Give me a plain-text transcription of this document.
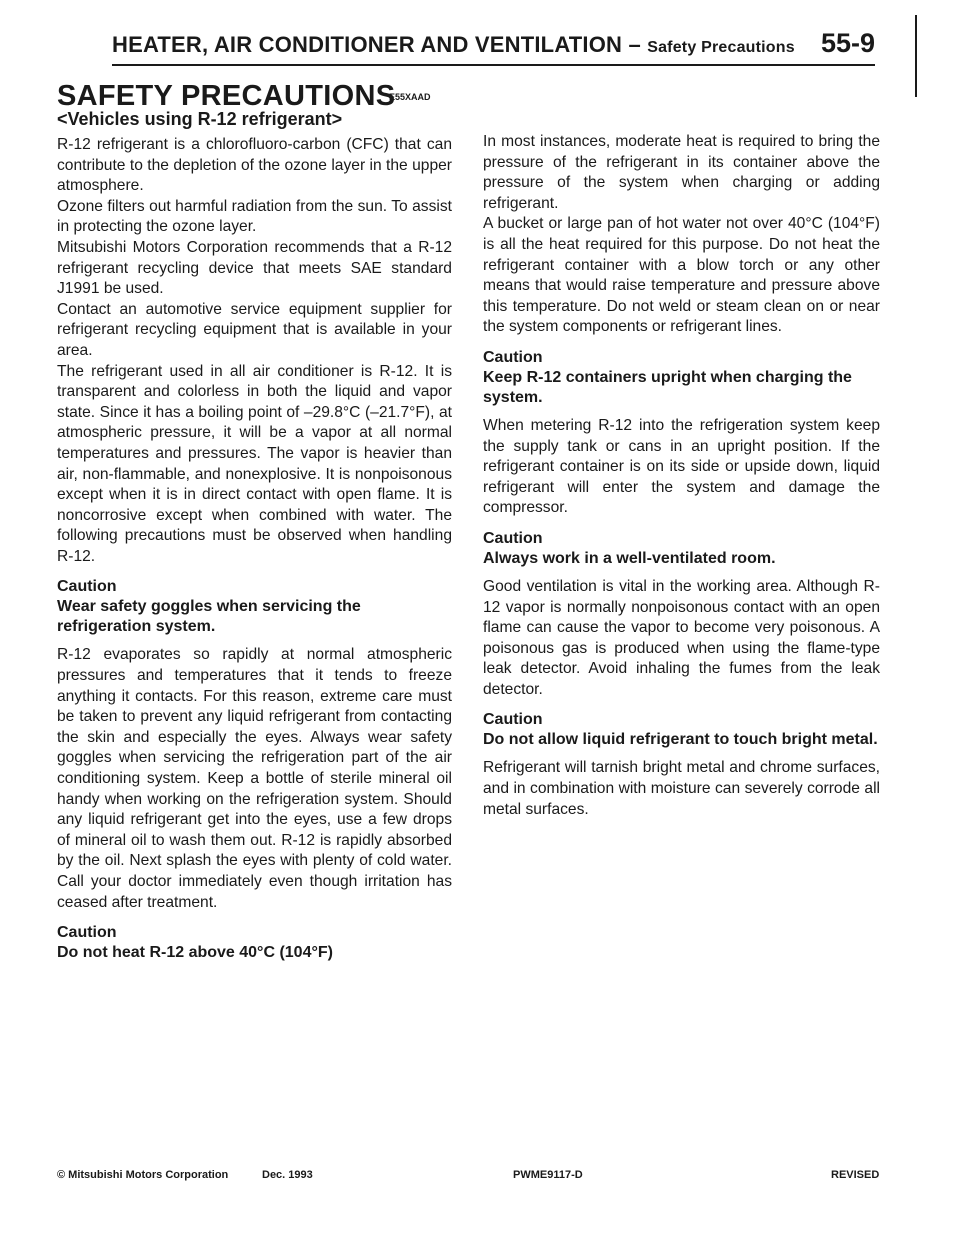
HEATER, AIR CONDITIONER AND VENTILATION – Safety Precautions 55-9
SAFETY PRECAUTIONS
E55XAAD
<Vehicles using R-12 refrigerant>

R-12 refrigerant is a chlorofluoro-carbon (CFC) that can contribute to the depletion of the ozone layer in the upper atmosphere.

Ozone filters out harmful radiation from the sun. To assist in protecting the ozone layer.

Mitsubishi Motors Corporation recommends that a R-12 refrigerant recycling device that meets SAE standard J1991 be used.

Contact an automotive service equipment supplier for refrigerant recycling equipment that is available in your area.

The refrigerant used in all air conditioner is R-12. It is transparent and colorless in both the liquid and vapor state. Since it has a boiling point of –29.8°C (–21.7°F), at atmospheric pressure, it will be a vapor at all normal temperatures and pressures. The vapor is heavier than air, non-flammable, and nonexplosive. It is nonpoisonous except when it is in direct contact with open flame. It is noncorrosive except when combined with water. The following precautions must be observed when handling R-12.

Caution
Wear safety goggles when servicing the refrigeration system.

R-12 evaporates so rapidly at normal atmospheric pressures and temperatures that it tends to freeze anything it contacts. For this reason, extreme care must be taken to prevent any liquid refrigerant from contacting the skin and especially the eyes. Always wear safety goggles when servicing the refrigeration part of the air conditioning system. Keep a bottle of sterile mineral oil handy when working on the refrigeration system. Should any liquid refrigerant get into the eyes, use a few drops of mineral oil to wash them out. R-12 is rapidly absorbed by the oil. Next splash the eyes with plenty of cold water. Call your doctor immediately even though irritation has ceased after treatment.

Caution
Do not heat R-12 above 40°C (104°F)

In most instances, moderate heat is required to bring the pressure of the refrigerant in its container above the pressure of the system when charging or adding refrigerant.

A bucket or large pan of hot water not over 40°C (104°F) is all the heat required for this purpose. Do not heat the refrigerant container with a blow torch or any other means that would raise temperature and pressure above this temperature. Do not weld or steam clean on or near the system components or refrigerant lines.

Caution
Keep R-12 containers upright when charging the system.

When metering R-12 into the refrigeration system keep the supply tank or cans in an upright position. If the refrigerant container is on its side or upside down, liquid refrigerant will enter the system and damage the compressor.

Caution
Always work in a well-ventilated room.

Good ventilation is vital in the working area. Although R-12 vapor is normally nonpoisonous contact with an open flame can cause the vapor to become very poisonous. A poisonous gas is produced when using the flame-type leak detector. Avoid inhaling the fumes from the leak detector.

Caution
Do not allow liquid refrigerant to touch bright metal.

Refrigerant will tarnish bright metal and chrome surfaces, and in combination with moisture can severely corrode all metal surfaces.

© Mitsubishi Motors Corporation	Dec. 1993	PWME9117-D	REVISED
